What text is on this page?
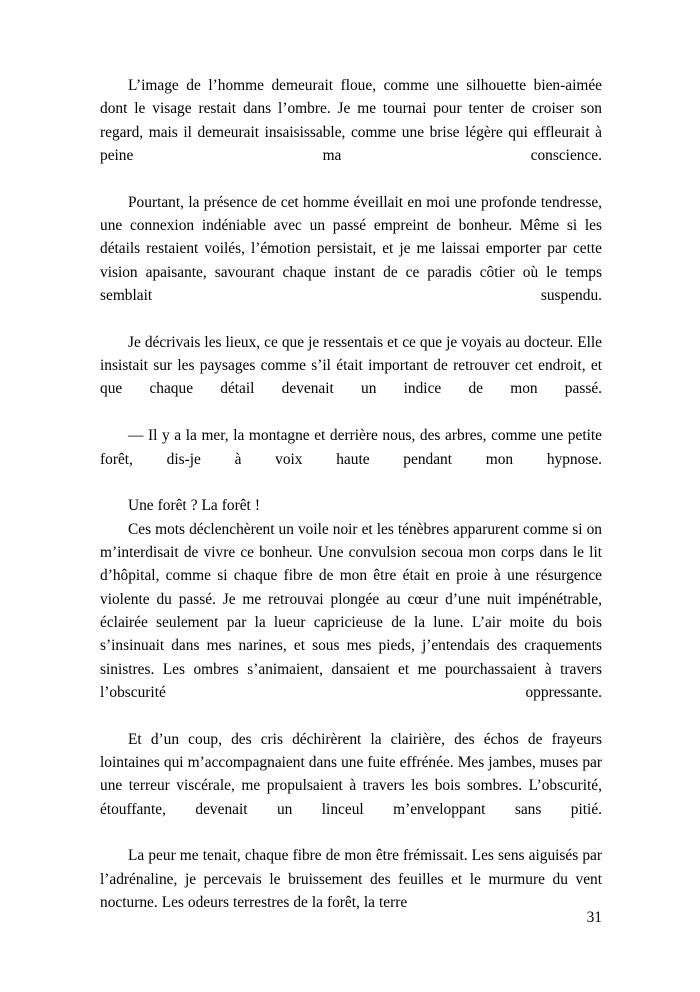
L’image de l’homme demeurait floue, comme une silhouette bien-aimée dont le visage restait dans l’ombre. Je me tournai pour tenter de croiser son regard, mais il demeurait insaisissable, comme une brise légère qui effleurait à peine ma conscience.

Pourtant, la présence de cet homme éveillait en moi une profonde tendresse, une connexion indéniable avec un passé empreint de bonheur. Même si les détails restaient voilés, l’émotion persistait, et je me laissai emporter par cette vision apaisante, savourant chaque instant de ce paradis côtier où le temps semblait suspendu.

Je décrivais les lieux, ce que je ressentais et ce que je voyais au docteur. Elle insistait sur les paysages comme s’il était important de retrouver cet endroit, et que chaque détail devenait un indice de mon passé.

— Il y a la mer, la montagne et derrière nous, des arbres, comme une petite forêt, dis-je à voix haute pendant mon hypnose.

Une forêt ? La forêt !

Ces mots déclenchèrent un voile noir et les ténèbres apparurent comme si on m’interdisait de vivre ce bonheur. Une convulsion secoua mon corps dans le lit d’hôpital, comme si chaque fibre de mon être était en proie à une résurgence violente du passé. Je me retrouvai plongée au cœur d’une nuit impénétrable, éclairée seulement par la lueur capricieuse de la lune. L’air moite du bois s’insinuait dans mes narines, et sous mes pieds, j’entendais des craquements sinistres. Les ombres s’animaient, dansaient et me pourchassaient à travers l’obscurité oppressante.

Et d’un coup, des cris déchirèrent la clairière, des échos de frayeurs lointaines qui m’accompagnaient dans une fuite effrénée. Mes jambes, muses par une terreur viscérale, me propulsaient à travers les bois sombres. L’obscurité, étouffante, devenait un linceul m’enveloppant sans pitié.

La peur me tenait, chaque fibre de mon être frémissait. Les sens aiguisés par l’adrénaline, je percevais le bruissement des feuilles et le murmure du vent nocturne. Les odeurs terrestres de la forêt, la terre

31
